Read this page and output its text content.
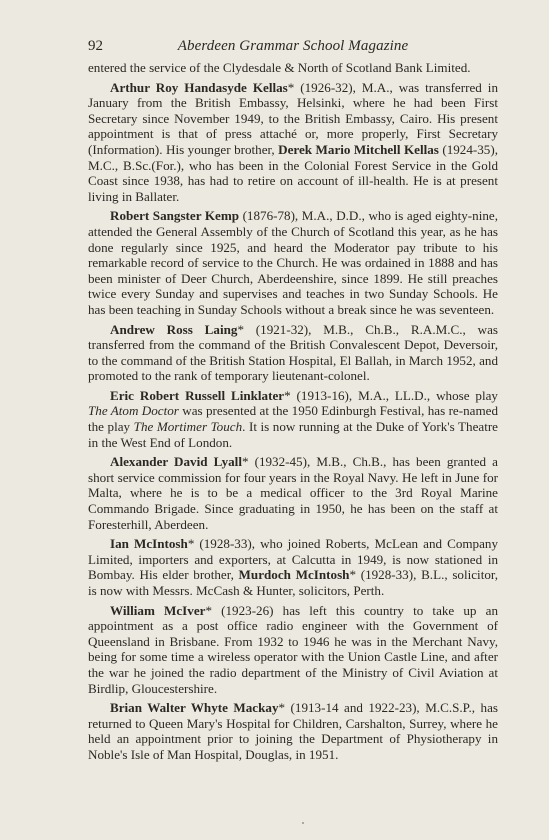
92	Aberdeen Grammar School Magazine

entered the service of the Clydesdale & North of Scotland Bank Limited.

Arthur Roy Handasyde Kellas* (1926-32), M.A., was transferred in January from the British Embassy, Helsinki, where he had been First Secretary since November 1949, to the British Embassy, Cairo. His present appointment is that of press attaché or, more properly, First Secretary (Information). His younger brother, Derek Mario Mitchell Kellas (1924-35), M.C., B.Sc.(For.), who has been in the Colonial Forest Service in the Gold Coast since 1938, has had to retire on account of ill-health. He is at present living in Ballater.

Robert Sangster Kemp (1876-78), M.A., D.D., who is aged eighty-nine, attended the General Assembly of the Church of Scotland this year, as he has done regularly since 1925, and heard the Moderator pay tribute to his remarkable record of service to the Church. He was ordained in 1888 and has been minister of Deer Church, Aberdeenshire, since 1899. He still preaches twice every Sunday and supervises and teaches in two Sunday Schools. He has been teaching in Sunday Schools without a break since he was seventeen.

Andrew Ross Laing* (1921-32), M.B., Ch.B., R.A.M.C., was transferred from the command of the British Convalescent Depot, Deversoir, to the command of the British Station Hospital, El Ballah, in March 1952, and promoted to the rank of temporary lieutenant-colonel.

Eric Robert Russell Linklater* (1913-16), M.A., LL.D., whose play The Atom Doctor was presented at the 1950 Edinburgh Festival, has re-named the play The Mortimer Touch. It is now running at the Duke of York's Theatre in the West End of London.

Alexander David Lyall* (1932-45), M.B., Ch.B., has been granted a short service commission for four years in the Royal Navy. He left in June for Malta, where he is to be a medical officer to the 3rd Royal Marine Commando Brigade. Since graduating in 1950, he has been on the staff at Foresterhill, Aberdeen.

Ian McIntosh* (1928-33), who joined Roberts, McLean and Company Limited, importers and exporters, at Calcutta in 1949, is now stationed in Bombay. His elder brother, Murdoch McIntosh* (1928-33), B.L., solicitor, is now with Messrs. McCash & Hunter, solicitors, Perth.

William McIver* (1923-26) has left this country to take up an appointment as a post office radio engineer with the Government of Queensland in Brisbane. From 1932 to 1946 he was in the Merchant Navy, being for some time a wireless operator with the Union Castle Line, and after the war he joined the radio department of the Ministry of Civil Aviation at Birdlip, Gloucestershire.

Brian Walter Whyte Mackay* (1913-14 and 1922-23), M.C.S.P., has returned to Queen Mary's Hospital for Children, Carshalton, Surrey, where he held an appointment prior to joining the Department of Physiotherapy in Noble's Isle of Man Hospital, Douglas, in 1951.
